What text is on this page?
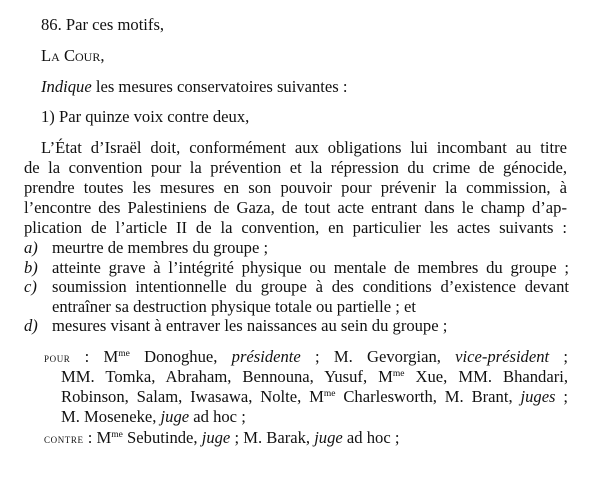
86. Par ces motifs,
La Cour,
Indique les mesures conservatoires suivantes :
1) Par quinze voix contre deux,
L’État d’Israël doit, conformément aux obligations lui incombant au titre
de la convention pour la prévention et la répression du crime de génocide,
prendre toutes les mesures en son pouvoir pour prévenir la commission, à
l’encontre des Palestiniens de Gaza, de tout acte entrant dans le champ d’ap-
plication de l’article II de la convention, en particulier les actes suivants :
a) meurtre de membres du groupe ;
b) atteinte grave à l’intégrité physique ou mentale de membres du groupe ;
c) soumission intentionnelle du groupe à des conditions d’existence devant
entraîner sa destruction physique totale ou partielle ; et
d) mesures visant à entraver les naissances au sein du groupe ;
pour : $M^{me}$ Donoghue, présidente ; M. Gevorgian, vice-président ;
MM. Tomka, Abraham, Bennouna, Yusuf, $M^{me}$ Xue, MM. Bhandari,
Robinson, Salam, Iwasawa, Nolte, $M^{me}$ Charlesworth, M. Brant, juges ;
M. Moseneke, juge ad hoc ;
contre : $M^{me}$ Sebutinde, juge ; M. Barak, juge ad hoc ;
